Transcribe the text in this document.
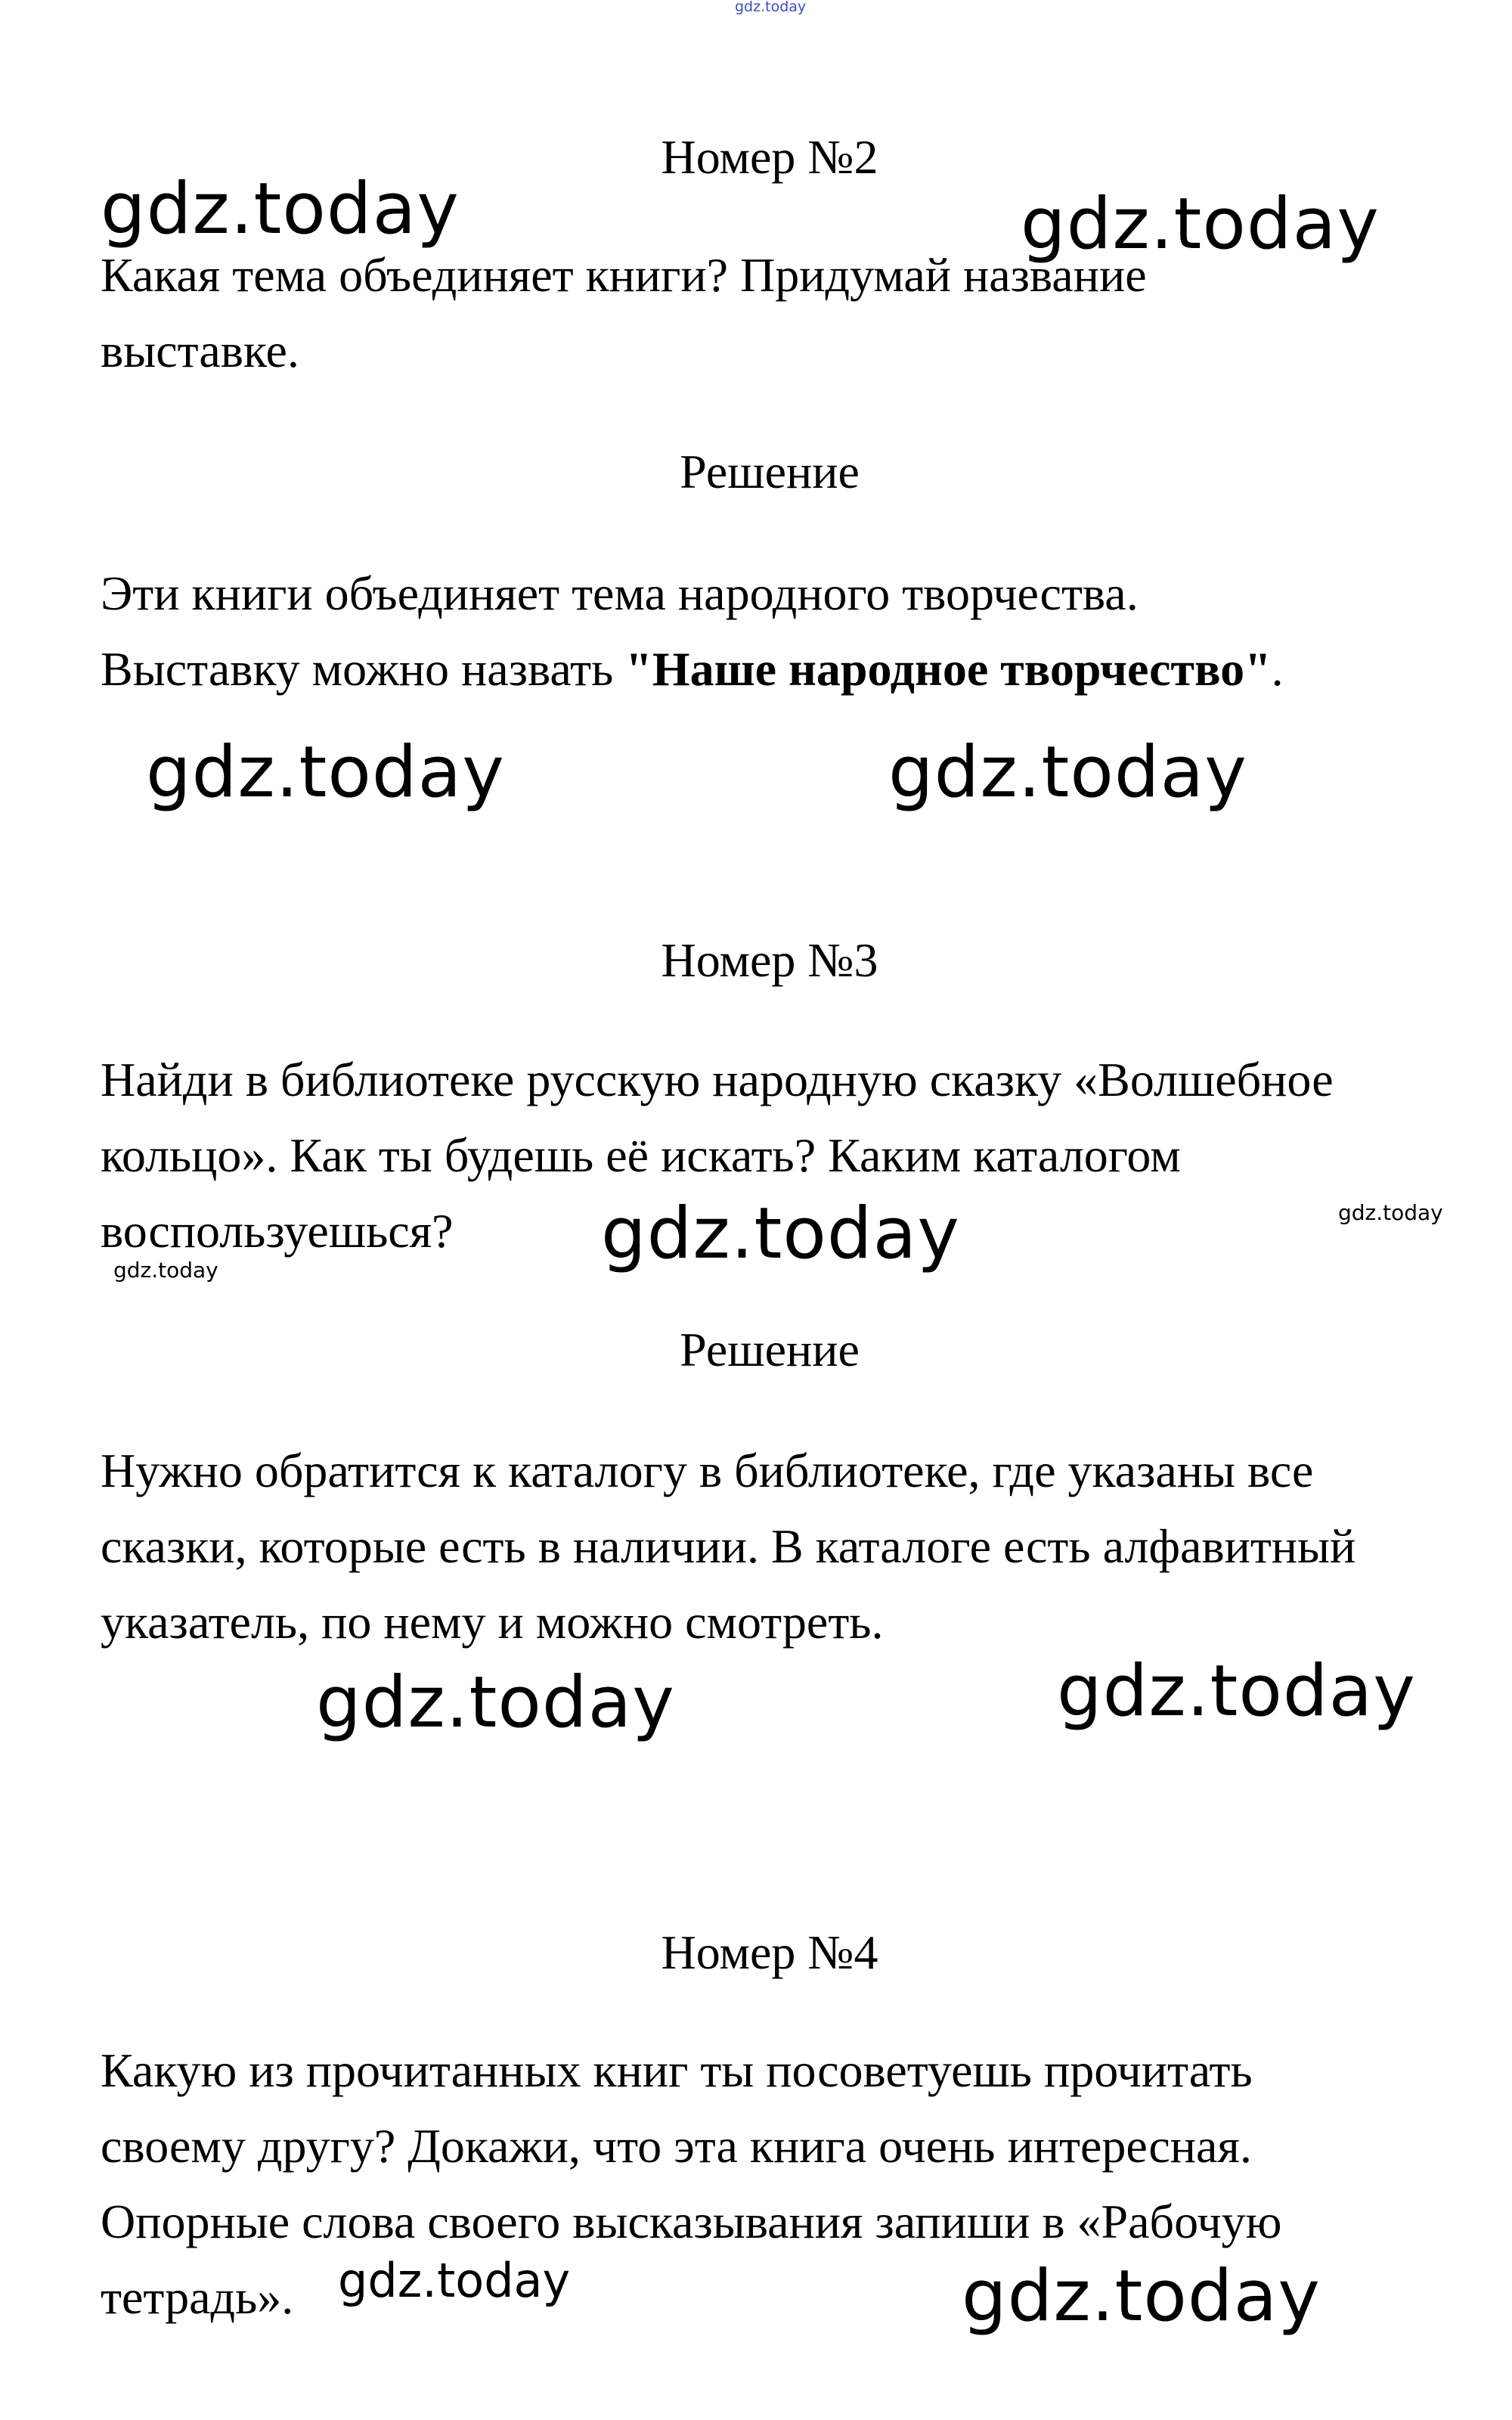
gdz.today
Номер №2
Какая тема объединяет книги? Придумай название
выставке.
Решение
Эти книги объединяет тема народного творчества.
Выставку можно назвать "Наше народное творчество".
Номер №3
Найди в библиотеке русскую народную сказку «Волшебное
кольцо». Как ты будешь её искать? Каким каталогом
воспользуешься?
Решение
Нужно обратится к каталогу в библиотеке, где указаны все
сказки, которые есть в наличии. В каталоге есть алфавитный
указатель, по нему и можно смотреть.
Номер №4
Какую из прочитанных книг ты посоветуешь прочитать
своему другу? Докажи, что эта книга очень интересная.
Опорные слова своего высказывания запиши в «Рабочую
тетрадь».
gdz.today	gdz.today
gdz.today	gdz.today
gdz.today	gdz.today
gdz.today
gdz.today	gdz.today
gdz.today	gdz.today
